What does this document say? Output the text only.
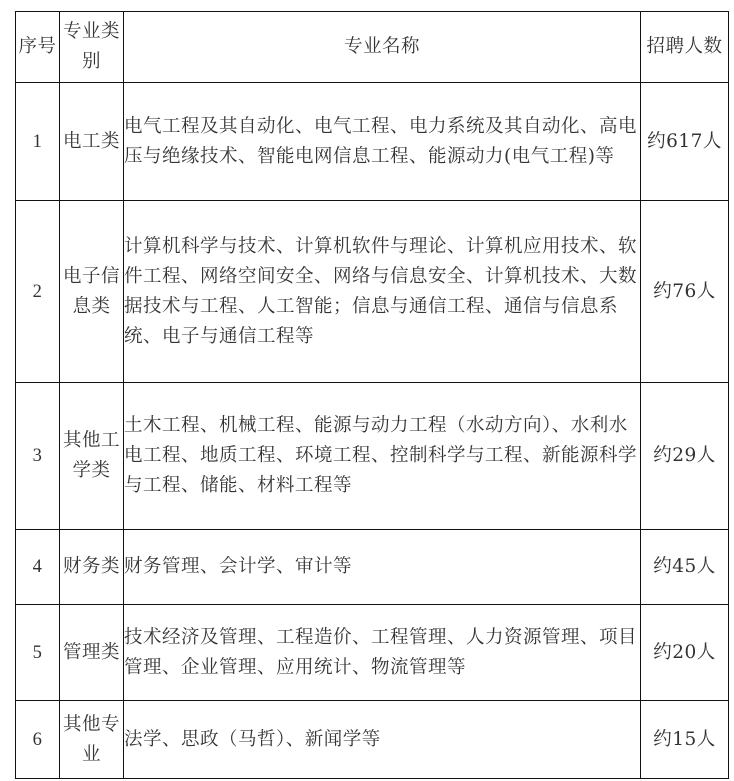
序号	专业类别	专业名称	招聘人数
1	电工类	电气工程及其自动化、电气工程、电力系统及其自动化、高电压与绝缘技术、智能电网信息工程、能源动力(电气工程)等	约617人
2	电子信息类	计算机科学与技术、计算机软件与理论、计算机应用技术、软件工程、网络空间安全、网络与信息安全、计算机技术、大数据技术与工程、人工智能；信息与通信工程、通信与信息系统、电子与通信工程等	约76人
3	其他工学类	土木工程、机械工程、能源与动力工程（水动方向）、水利水电工程、地质工程、环境工程、控制科学与工程、新能源科学与工程、储能、材料工程等	约29人
4	财务类	财务管理、会计学、审计等	约45人
5	管理类	技术经济及管理、工程造价、工程管理、人力资源管理、项目管理、企业管理、应用统计、物流管理等	约20人
6	其他专业	法学、思政（马哲）、新闻学等	约15人
